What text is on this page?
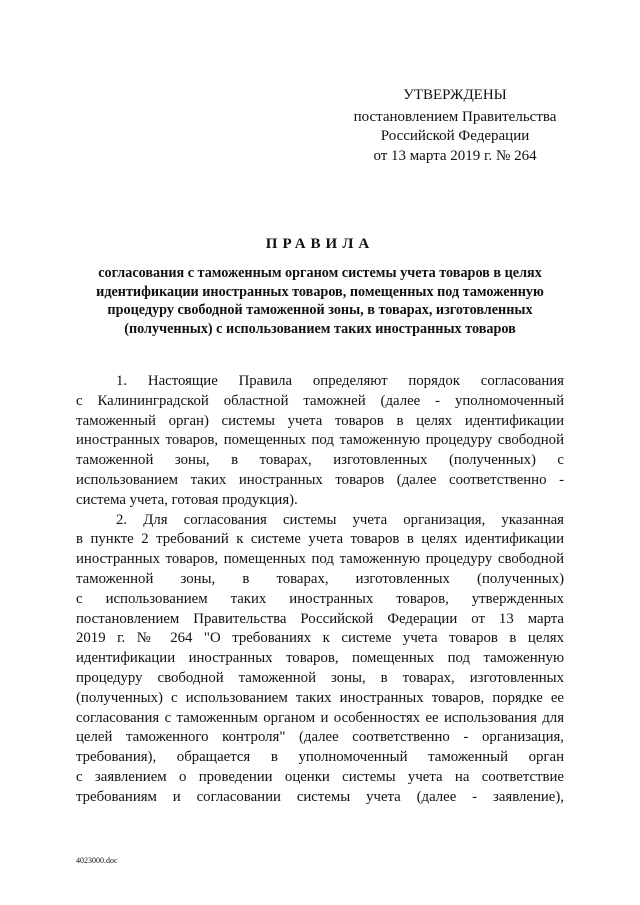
УТВЕРЖДЕНЫ
постановлением Правительства
Российской Федерации
от 13 марта 2019 г. № 264
ПРАВИЛА
согласования с таможенным органом системы учета товаров в целях
идентификации иностранных товаров, помещенных под таможенную
процедуру свободной таможенной зоны, в товарах, изготовленных
(полученных) с использованием таких иностранных товаров
1. Настоящие Правила определяют порядок согласования
с Калининградской областной таможней (далее - уполномоченный
таможенный орган) системы учета товаров в целях идентификации
иностранных товаров, помещенных под таможенную процедуру свободной
таможенной зоны, в товарах, изготовленных (полученных) с
использованием таких иностранных товаров (далее соответственно -
система учета, готовая продукция).
2. Для согласования системы учета организация, указанная
в пункте 2 требований к системе учета товаров в целях идентификации
иностранных товаров, помещенных под таможенную процедуру свободной
таможенной зоны, в товарах, изготовленных (полученных)
с использованием таких иностранных товаров, утвержденных
постановлением Правительства Российской Федерации от 13 марта
2019 г. № 264 "О требованиях к системе учета товаров в целях
идентификации иностранных товаров, помещенных под таможенную
процедуру свободной таможенной зоны, в товарах, изготовленных
(полученных) с использованием таких иностранных товаров, порядке ее
согласования с таможенным органом и особенностях ее использования для
целей таможенного контроля" (далее соответственно - организация,
требования), обращается в уполномоченный таможенный орган
с заявлением о проведении оценки системы учета на соответствие
требованиям и согласовании системы учета (далее - заявление),
4023000.doc
